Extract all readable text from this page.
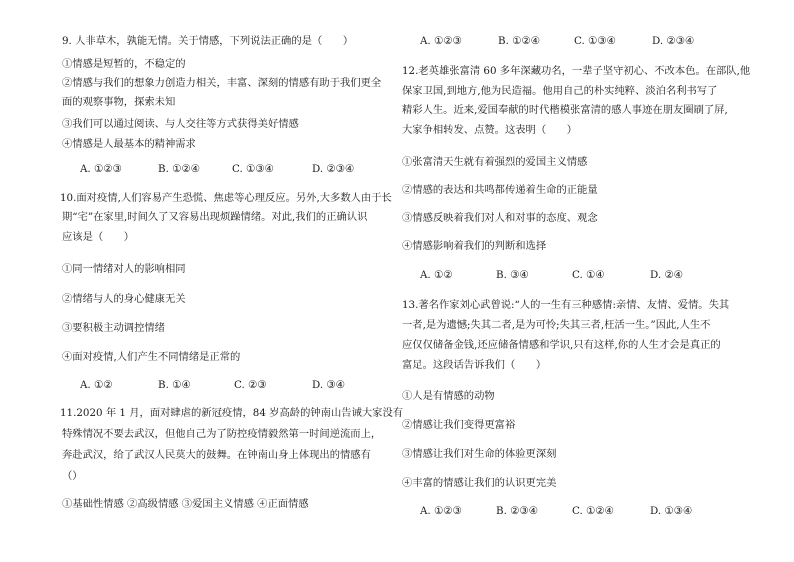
9. 人非草木，孰能无情。关于情感，下列说法正确的是（　　）
①情感是短暂的，不稳定的
②情感与我们的想象力创造力相关，丰富、深刻的情感有助于我们更全
面的观察事物，探索未知
③我们可以通过阅读、与人交往等方式获得美好情感
④情感是人最基本的精神需求
A. ①②③	B. ①②④	C. ①③④	D. ②③④
10.面对疫情,人们容易产生恐慌、焦虑等心理反应。另外,大多数人由于长
期“宅”在家里,时间久了又容易出现烦躁情绪。对此,我们的正确认识
应该是（　　）
①同一情绪对人的影响相同
②情绪与人的身心健康无关
③要积极主动调控情绪
④面对疫情,人们产生不同情绪是正常的
A. ①②	B. ①④	C. ②③	D. ③④
11.2020 年 1 月，面对肆虐的新冠疫情，84 岁高龄的钟南山告诫大家没有
特殊情况不要去武汉，但他自己为了防控疫情毅然第一时间逆流而上，
奔赴武汉，给了武汉人民莫大的鼓舞。在钟南山身上体现出的情感有
（）
①基础性情感 ②高级情感 ③爱国主义情感 ④正面情感
A. ①②③	B. ①②④	C. ①③④	D. ②③④
12.老英雄张富清 60 多年深藏功名，一辈子坚守初心、不改本色。在部队,他
保家卫国,到地方,他为民造福。他用自己的朴实纯粹、淡泊名利书写了
精彩人生。近来,爱国奉献的时代楷模张富清的感人事迹在朋友圈刷了屏,
大家争相转发、点赞。这表明（　　）
①张富清天生就有着强烈的爱国主义情感
②情感的表达和共鸣都传递着生命的正能量
③情感反映着我们对人和对事的态度、观念
④情感影响着我们的判断和选择
A. ①②	B. ③④	C. ①④	D. ②④
13.著名作家刘心武曾说:“人的一生有三种感情:亲情、友情、爱情。失其
一者,是为遗憾;失其二者,是为可怜;失其三者,枉活一生。”因此,人生不
应仅仅储备金钱,还应储备情感和学识,只有这样,你的人生才会是真正的
富足。这段话告诉我们（　　）
①人是有情感的动物
②情感让我们变得更富裕
③情感让我们对生命的体验更深刻
④丰富的情感让我们的认识更完美
A. ①②③	B. ②③④	C. ①②④	D. ①③④
